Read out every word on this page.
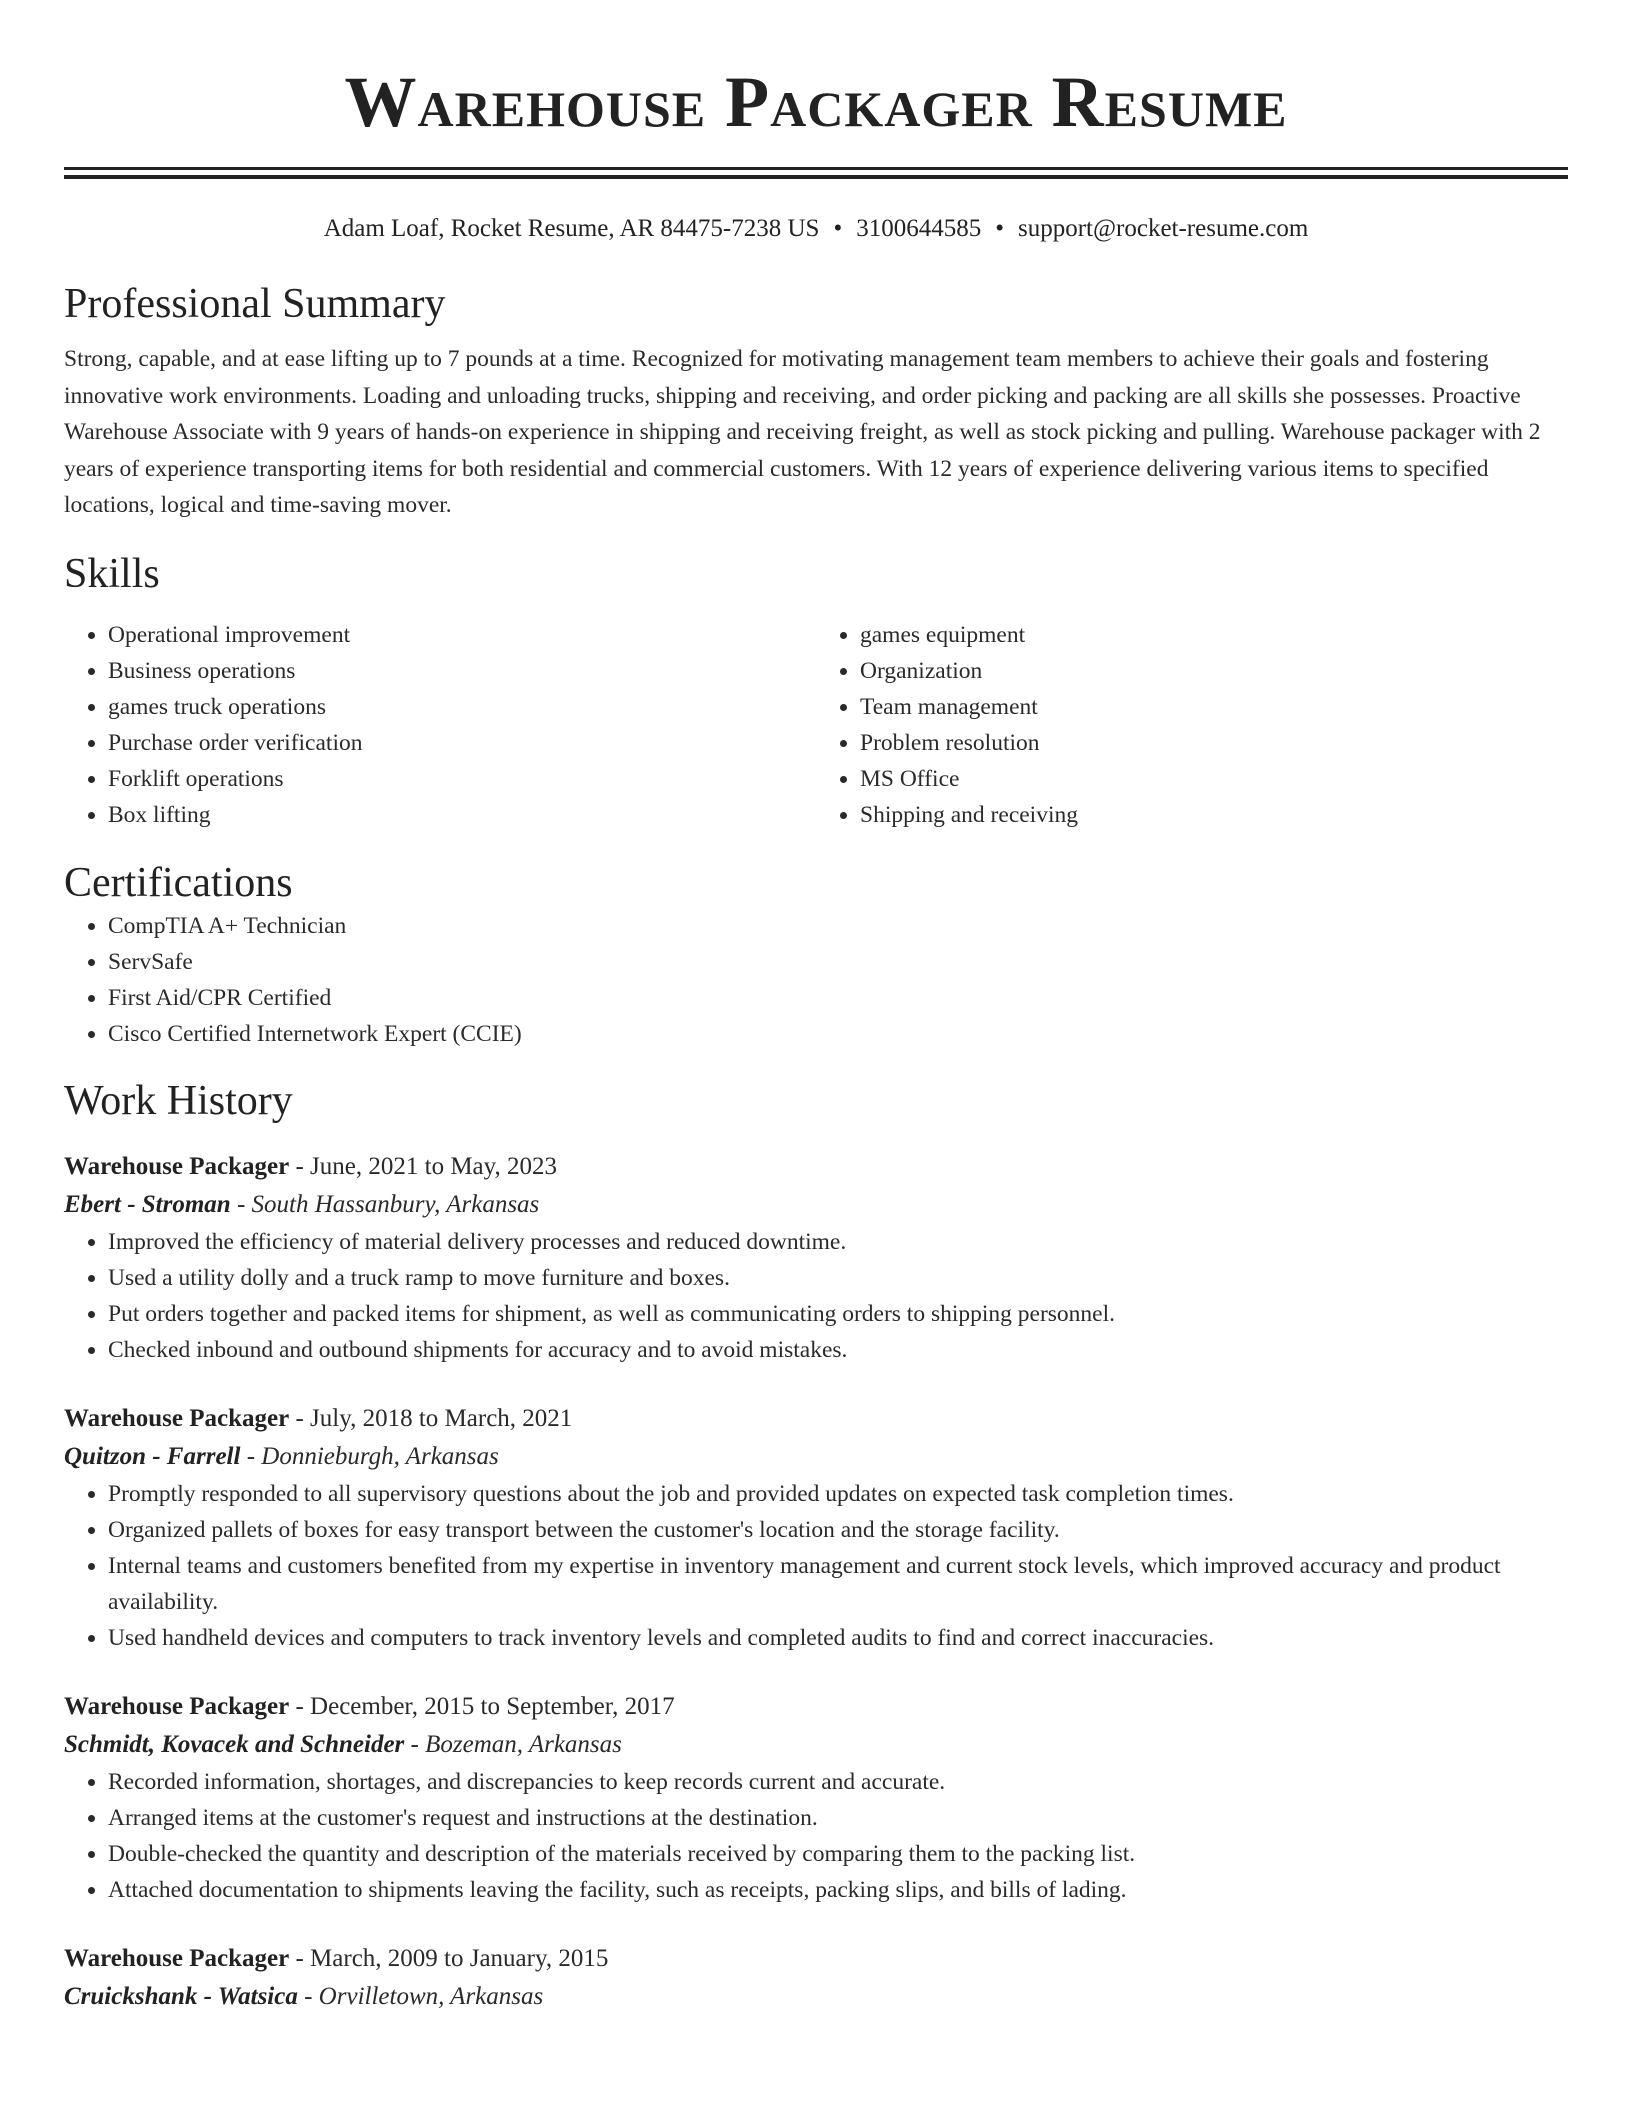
Warehouse Packager Resume
Adam Loaf, Rocket Resume, AR 84475-7238 US • 3100644585 • support@rocket-resume.com
Professional Summary

Strong, capable, and at ease lifting up to 7 pounds at a time. Recognized for motivating management team members to achieve their goals and fostering innovative work environments. Loading and unloading trucks, shipping and receiving, and order picking and packing are all skills she possesses. Proactive Warehouse Associate with 9 years of hands-on experience in shipping and receiving freight, as well as stock picking and pulling. Warehouse packager with 2 years of experience transporting items for both residential and commercial customers. With 12 years of experience delivering various items to specified locations, logical and time-saving mover.

Skills
• Operational improvement
• Business operations
• games truck operations
• Purchase order verification
• Forklift operations
• Box lifting
• games equipment
• Organization
• Team management
• Problem resolution
• MS Office
• Shipping and receiving
Certifications
• CompTIA A+ Technician
• ServSafe
• First Aid/CPR Certified
• Cisco Certified Internetwork Expert (CCIE)
Work History
Warehouse Packager - June, 2021 to May, 2023
Ebert - Stroman - South Hassanbury, Arkansas
• Improved the efficiency of material delivery processes and reduced downtime.
• Used a utility dolly and a truck ramp to move furniture and boxes.
• Put orders together and packed items for shipment, as well as communicating orders to shipping personnel.
• Checked inbound and outbound shipments for accuracy and to avoid mistakes.
Warehouse Packager - July, 2018 to March, 2021
Quitzon - Farrell - Donnieburgh, Arkansas
• Promptly responded to all supervisory questions about the job and provided updates on expected task completion times.
• Organized pallets of boxes for easy transport between the customer's location and the storage facility.
• Internal teams and customers benefited from my expertise in inventory management and current stock levels, which improved accuracy and product availability.
• Used handheld devices and computers to track inventory levels and completed audits to find and correct inaccuracies.
Warehouse Packager - December, 2015 to September, 2017
Schmidt, Kovacek and Schneider - Bozeman, Arkansas
• Recorded information, shortages, and discrepancies to keep records current and accurate.
• Arranged items at the customer's request and instructions at the destination.
• Double-checked the quantity and description of the materials received by comparing them to the packing list.
• Attached documentation to shipments leaving the facility, such as receipts, packing slips, and bills of lading.
Warehouse Packager - March, 2009 to January, 2015
Cruickshank - Watsica - Orvilletown, Arkansas
